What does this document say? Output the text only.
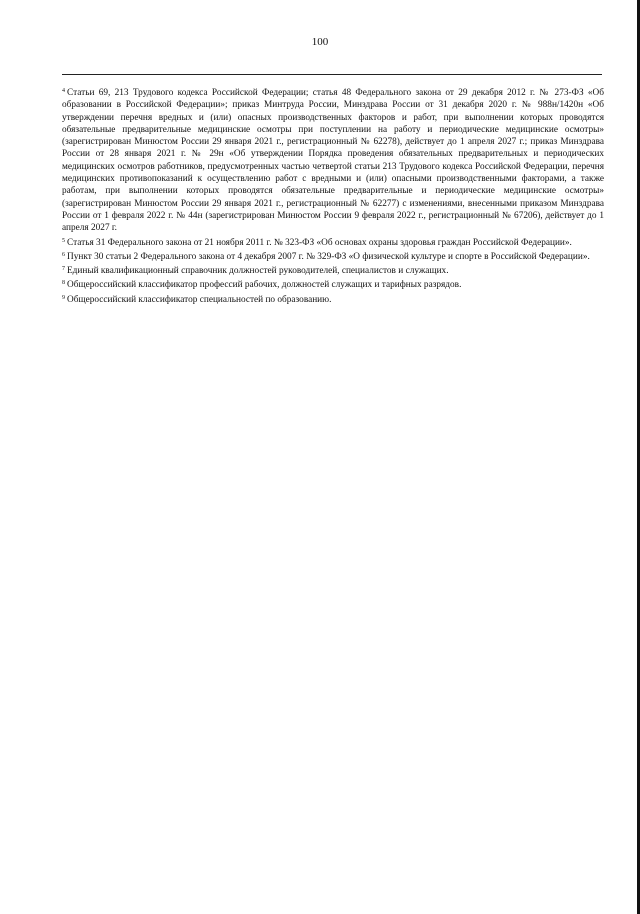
100

$^4$ Статьи 69, 213 Трудового кодекса Российской Федерации; статья 48 Федерального закона от 29 декабря 2012 г. № 273-ФЗ «Об образовании в Российской Федерации»; приказ Минтруда России, Минздрава России от 31 декабря 2020 г. № 988н/1420н «Об утверждении перечня вредных и (или) опасных производственных факторов и работ, при выполнении которых проводятся обязательные предварительные медицинские осмотры при поступлении на работу и периодические медицинские осмотры» (зарегистрирован Минюстом России 29 января 2021 г., регистрационный № 62278), действует до 1 апреля 2027 г.; приказ Минздрава России от 28 января 2021 г. № 29н «Об утверждении Порядка проведения обязательных предварительных и периодических медицинских осмотров работников, предусмотренных частью четвертой статьи 213 Трудового кодекса Российской Федерации, перечня медицинских противопоказаний к осуществлению работ с вредными и (или) опасными производственными факторами, а также работам, при выполнении которых проводятся обязательные предварительные и периодические медицинские осмотры» (зарегистрирован Минюстом России 29 января 2021 г., регистрационный № 62277) с изменениями, внесенными приказом Минздрава России от 1 февраля 2022 г. № 44н (зарегистрирован Минюстом России 9 февраля 2022 г., регистрационный № 67206), действует до 1 апреля 2027 г.

$^5$ Статья 31 Федерального закона от 21 ноября 2011 г. № 323-ФЗ «Об основах охраны здоровья граждан Российской Федерации».

$^6$ Пункт 30 статьи 2 Федерального закона от 4 декабря 2007 г. № 329-ФЗ «О физической культуре и спорте в Российской Федерации».

$^7$ Единый квалификационный справочник должностей руководителей, специалистов и служащих.

$^8$ Общероссийский классификатор профессий рабочих, должностей служащих и тарифных разрядов.

$^9$ Общероссийский классификатор специальностей по образованию.
